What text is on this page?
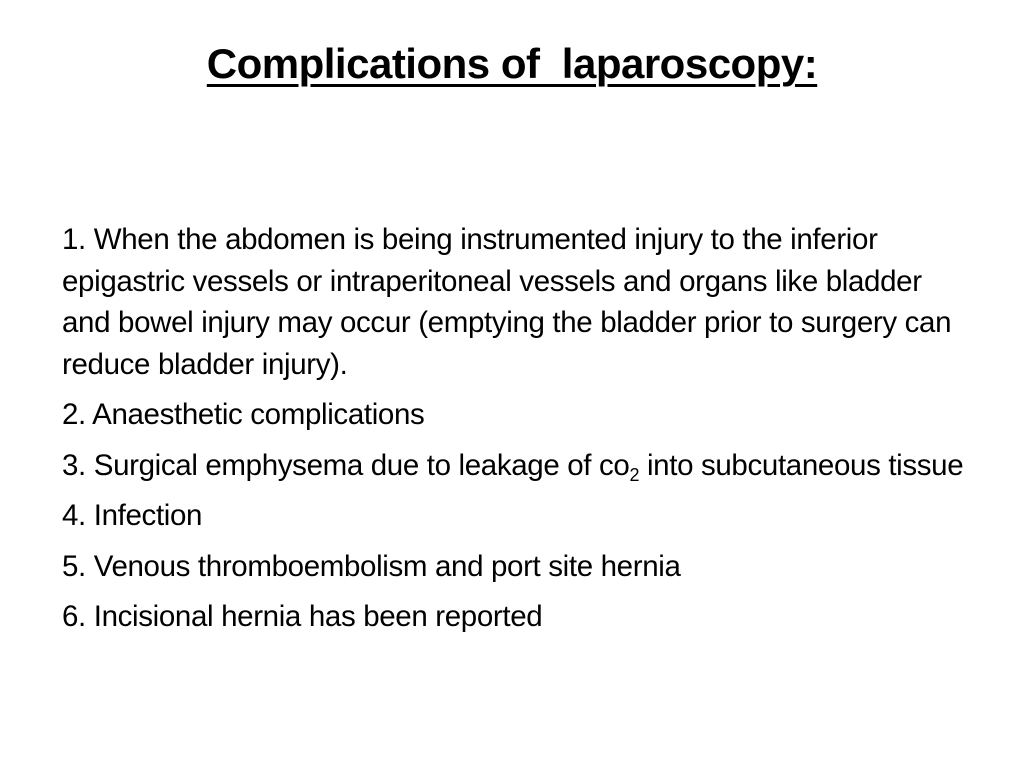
Complications of  laparoscopy:

1. When the abdomen is being instrumented injury to the inferior epigastric vessels or intraperitoneal vessels and organs like bladder and bowel injury may occur (emptying the bladder prior to surgery can reduce bladder injury).

2. Anaesthetic complications

3. Surgical emphysema due to leakage of $co_2$ into subcutaneous tissue

4. Infection

5. Venous thromboembolism and port site hernia

6. Incisional hernia has been reported
